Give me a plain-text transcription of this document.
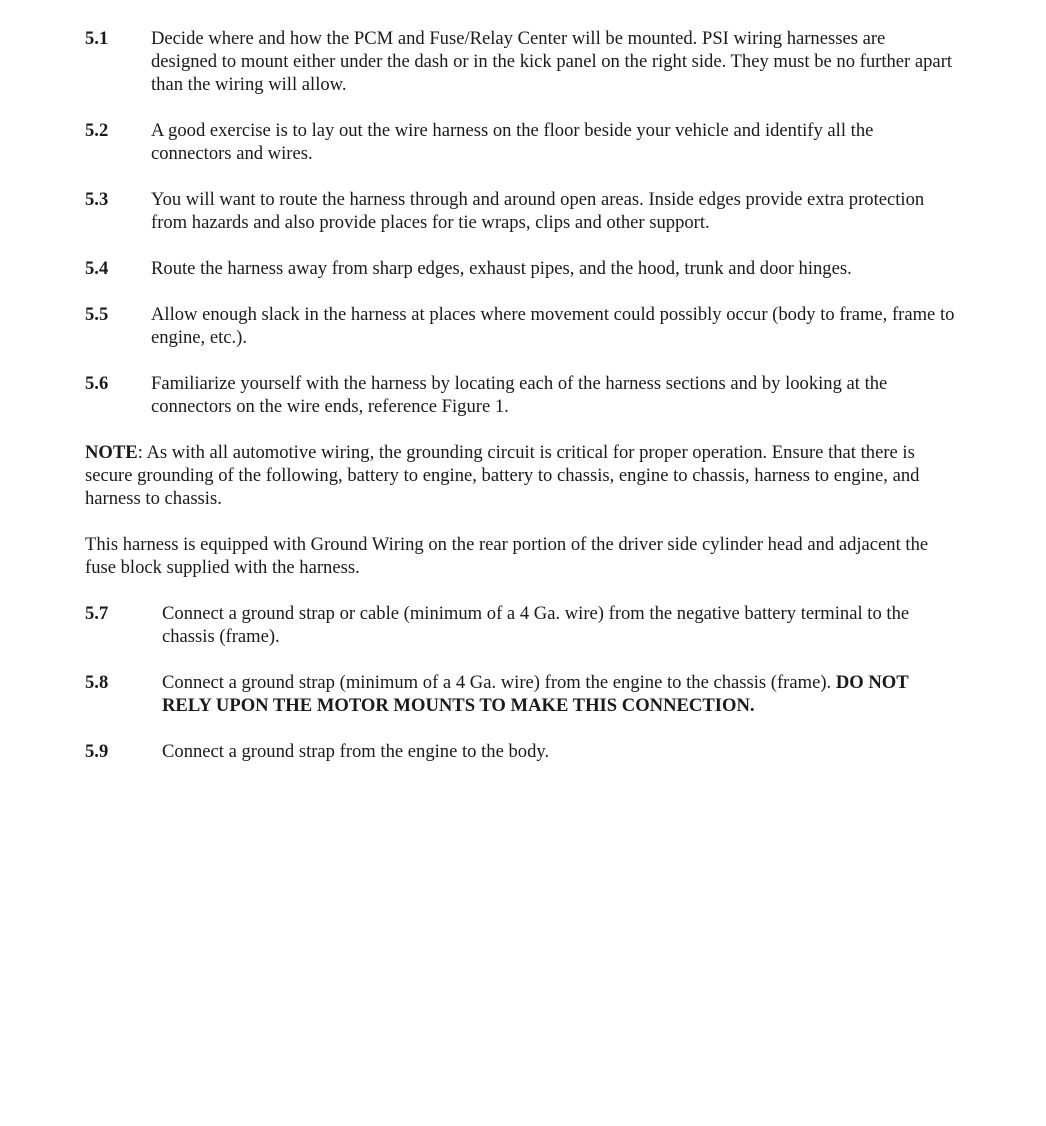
5.1 Decide where and how the PCM and Fuse/Relay Center will be mounted. PSI wiring harnesses are designed to mount either under the dash or in the kick panel on the right side. They must be no further apart than the wiring will allow.
5.2 A good exercise is to lay out the wire harness on the floor beside your vehicle and identify all the connectors and wires.
5.3 You will want to route the harness through and around open areas. Inside edges provide extra protection from hazards and also provide places for tie wraps, clips and other support.
5.4 Route the harness away from sharp edges, exhaust pipes, and the hood, trunk and door hinges.
5.5 Allow enough slack in the harness at places where movement could possibly occur (body to frame, frame to engine, etc.).
5.6 Familiarize yourself with the harness by locating each of the harness sections and by looking at the connectors on the wire ends, reference Figure 1.
NOTE: As with all automotive wiring, the grounding circuit is critical for proper operation. Ensure that there is secure grounding of the following, battery to engine, battery to chassis, engine to chassis, harness to engine, and harness to chassis.
This harness is equipped with Ground Wiring on the rear portion of the driver side cylinder head and adjacent the fuse block supplied with the harness.
5.7	Connect a ground strap or cable (minimum of a 4 Ga. wire) from the negative battery terminal to the chassis (frame).
5.8	Connect a ground strap (minimum of a 4 Ga. wire) from the engine to the chassis (frame). DO NOT RELY UPON THE MOTOR MOUNTS TO MAKE THIS CONNECTION.
5.9	Connect a ground strap from the engine to the body.
